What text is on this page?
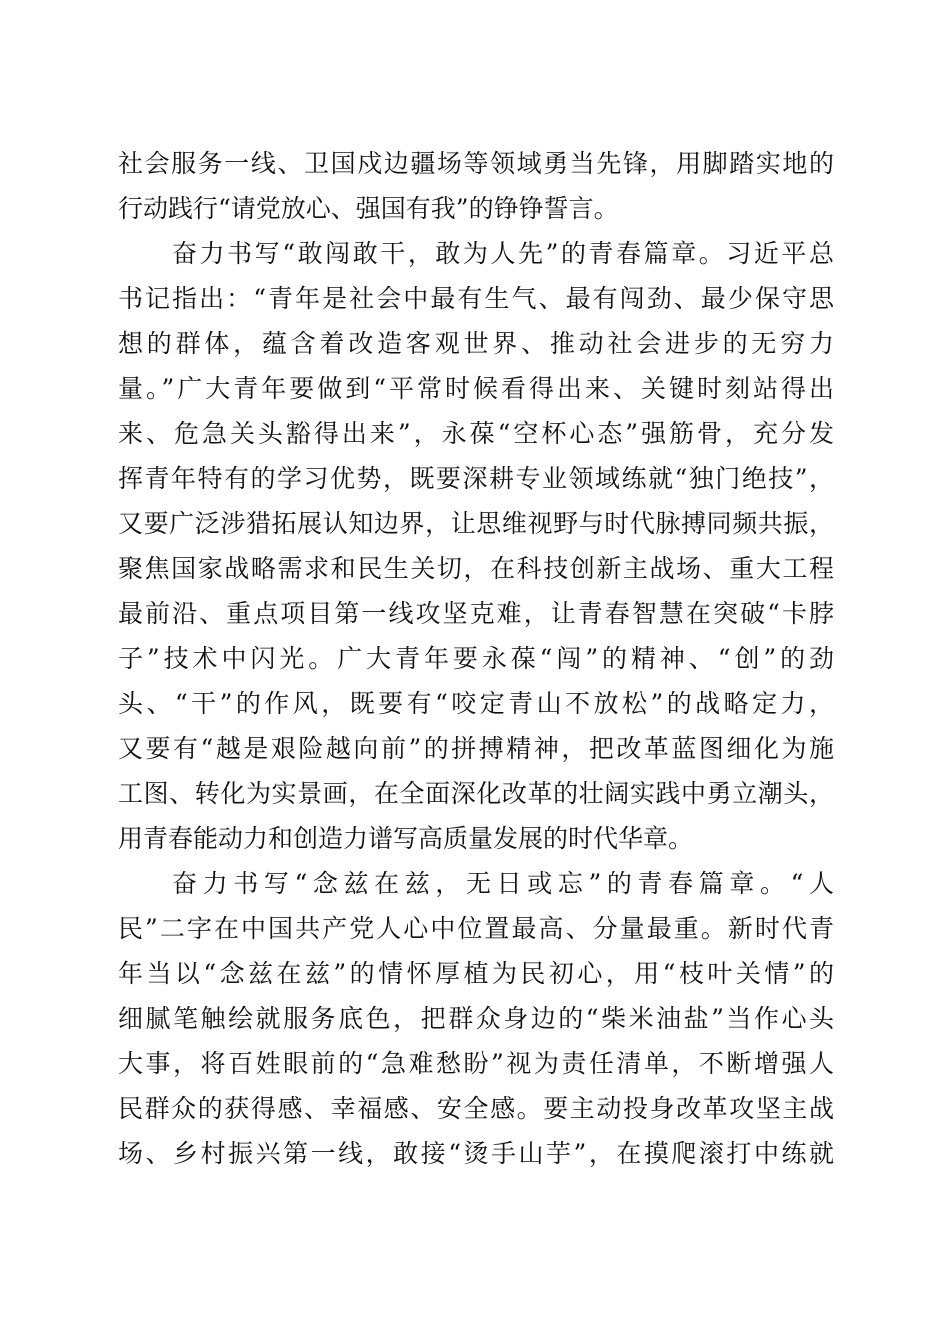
社会服务一线、卫国戍边疆场等领域勇当先锋，用脚踏实地的
行动践行“请党放心、强国有我”的铮铮誓言。
奋力书写“敢闯敢干，敢为人先”的青春篇章。习近平总
书记指出：“青年是社会中最有生气、最有闯劲、最少保守思
想的群体，蕴含着改造客观世界、推动社会进步的无穷力
量。”广大青年要做到“平常时候看得出来、关键时刻站得出
来、危急关头豁得出来”，永葆“空杯心态”强筋骨，充分发
挥青年特有的学习优势，既要深耕专业领域练就“独门绝技”，
又要广泛涉猎拓展认知边界，让思维视野与时代脉搏同频共振，
聚焦国家战略需求和民生关切，在科技创新主战场、重大工程
最前沿、重点项目第一线攻坚克难，让青春智慧在突破“卡脖
子”技术中闪光。广大青年要永葆“闯”的精神、“创”的劲
头、“干”的作风，既要有“咬定青山不放松”的战略定力，
又要有“越是艰险越向前”的拼搏精神，把改革蓝图细化为施
工图、转化为实景画，在全面深化改革的壮阔实践中勇立潮头，
用青春能动力和创造力谱写高质量发展的时代华章。
奋力书写“念兹在兹，无日或忘”的青春篇章。“人
民”二字在中国共产党人心中位置最高、分量最重。新时代青
年当以“念兹在兹”的情怀厚植为民初心，用“枝叶关情”的
细腻笔触绘就服务底色，把群众身边的“柴米油盐”当作心头
大事，将百姓眼前的“急难愁盼”视为责任清单，不断增强人
民群众的获得感、幸福感、安全感。要主动投身改革攻坚主战
场、乡村振兴第一线，敢接“烫手山芋”，在摸爬滚打中练就
